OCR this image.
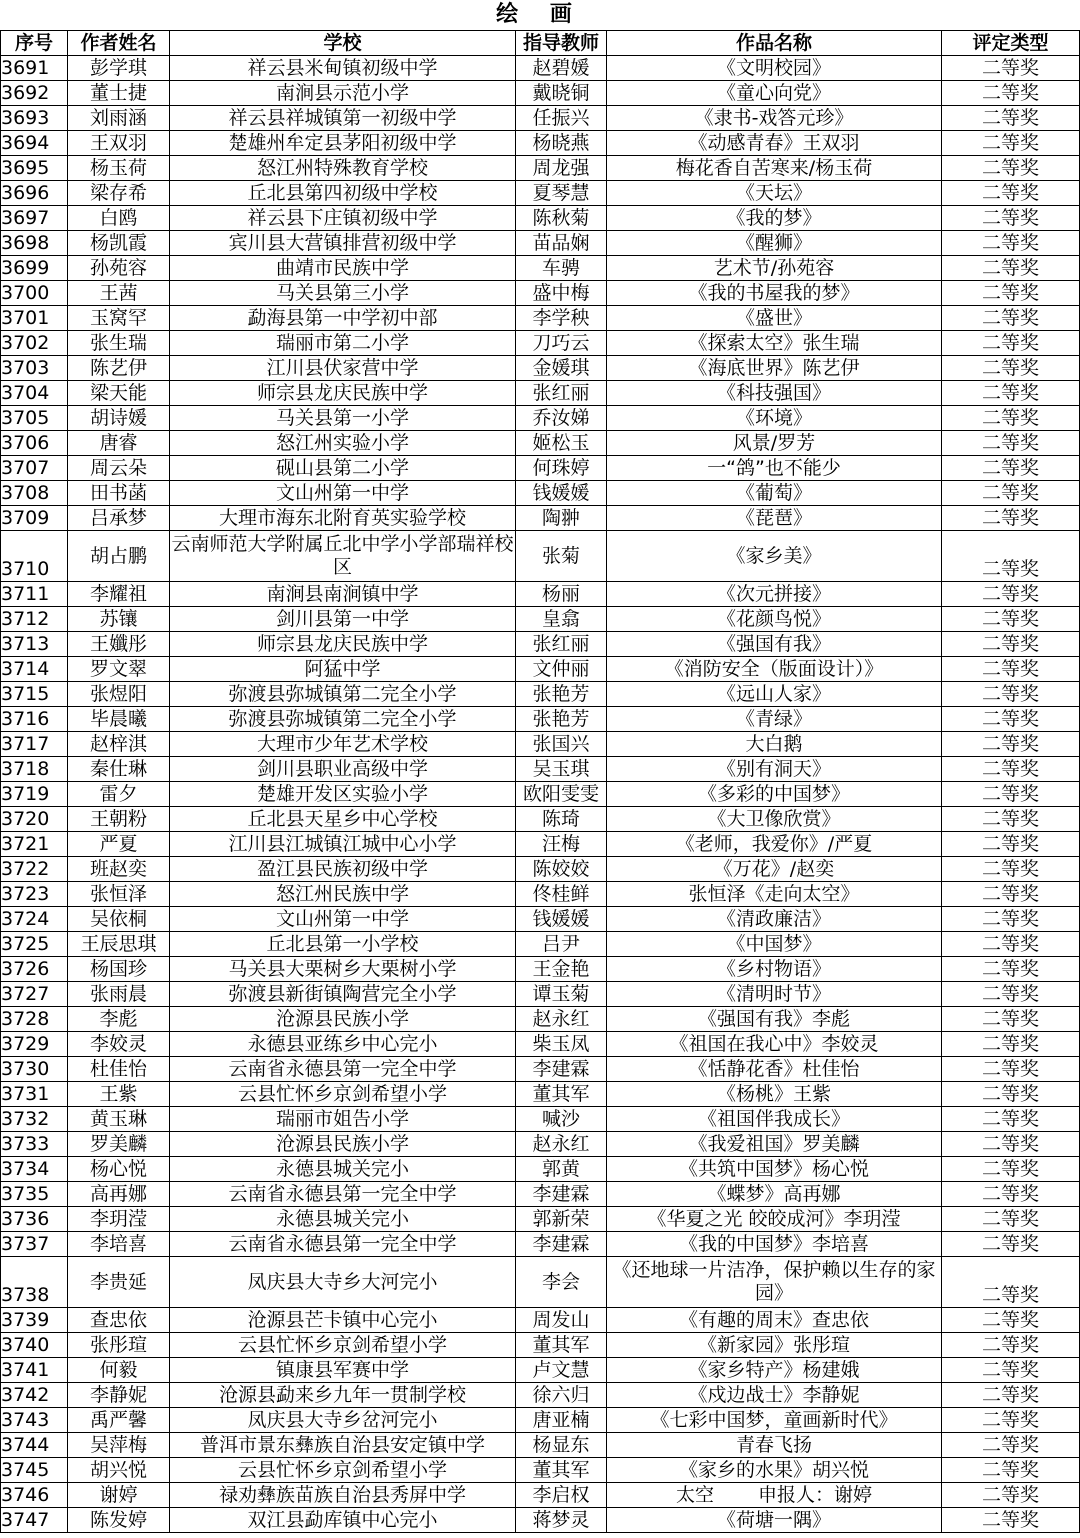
绘 画
序号	作者姓名	学校	指导教师	作品名称	评定类型
3691	彭学琪	祥云县米甸镇初级中学	赵碧媛	《文明校园》	二等奖
3692	董士捷	南涧县示范小学	戴晓铜	《童心向党》	二等奖
3693	刘雨涵	祥云县祥城镇第一初级中学	任振兴	《隶书-戏答元珍》	二等奖
3694	王双羽	楚雄州牟定县茅阳初级中学	杨晓燕	《动感青春》王双羽	二等奖
3695	杨玉荷	怒江州特殊教育学校	周龙强	梅花香自苦寒来/杨玉荷	二等奖
3696	梁存希	丘北县第四初级中学校	夏琴慧	《天坛》	二等奖
3697	白鸥	祥云县下庄镇初级中学	陈秋菊	《我的梦》	二等奖
3698	杨凯霞	宾川县大营镇排营初级中学	苗品娴	《醒狮》	二等奖
3699	孙苑容	曲靖市民族中学	车骋	艺术节/孙苑容	二等奖
3700	王茜	马关县第三小学	盛中梅	《我的书屋我的梦》	二等奖
3701	玉窝罕	勐海县第一中学初中部	李学秧	《盛世》	二等奖
3702	张生瑞	瑞丽市第二小学	刀巧云	《探索太空》张生瑞	二等奖
3703	陈艺伊	江川县伏家营中学	金媛琪	《海底世界》陈艺伊	二等奖
3704	梁天能	师宗县龙庆民族中学	张红丽	《科技强国》	二等奖
3705	胡诗媛	马关县第一小学	乔汝娣	《环境》	二等奖
3706	唐睿	怒江州实验小学	姬松玉	风景/罗芳	二等奖
3707	周云朵	砚山县第二小学	何珠婷	一“鸽”也不能少	二等奖
3708	田书菡	文山州第一中学	钱媛媛	《葡萄》	二等奖
3709	吕承梦	大理市海东北附育英实验学校	陶翀	《琵琶》	二等奖
3710	胡占鹏	云南师范大学附属丘北中学小学部瑞祥校区	张菊	《家乡美》	二等奖
3711	李耀祖	南涧县南涧镇中学	杨丽	《次元拼接》	二等奖
3712	苏镶	剑川县第一中学	皇翕	《花颜鸟悦》	二等奖
3713	王孅彤	师宗县龙庆民族中学	张红丽	《强国有我》	二等奖
3714	罗文翠	阿猛中学	文仲丽	《消防安全（版面设计）》	二等奖
3715	张煜阳	弥渡县弥城镇第二完全小学	张艳芳	《远山人家》	二等奖
3716	毕晨曦	弥渡县弥城镇第二完全小学	张艳芳	《青绿》	二等奖
3717	赵梓淇	大理市少年艺术学校	张国兴	大白鹅	二等奖
3718	秦仕琳	剑川县职业高级中学	吴玉琪	《别有洞天》	二等奖
3719	雷夕	楚雄开发区实验小学	欧阳雯雯	《多彩的中国梦》	二等奖
3720	王朝粉	丘北县天星乡中心学校	陈琦	《大卫像欣赏》	二等奖
3721	严夏	江川县江城镇江城中心小学	汪梅	《老师，我爱你》/严夏	二等奖
3722	班赵奕	盈江县民族初级中学	陈姣姣	《万花》/赵奕	二等奖
3723	张恒泽	怒江州民族中学	佟桂鲜	张恒泽《走向太空》	二等奖
3724	吴依桐	文山州第一中学	钱媛媛	《清政廉洁》	二等奖
3725	王辰思琪	丘北县第一小学校	吕尹	《中国梦》	二等奖
3726	杨国珍	马关县大栗树乡大栗树小学	王金艳	《乡村物语》	二等奖
3727	张雨晨	弥渡县新街镇陶营完全小学	谭玉菊	《清明时节》	二等奖
3728	李彪	沧源县民族小学	赵永红	《强国有我》李彪	二等奖
3729	李姣灵	永德县亚练乡中心完小	柴玉凤	《祖国在我心中》李姣灵	二等奖
3730	杜佳怡	云南省永德县第一完全中学	李建霖	《恬静花香》杜佳怡	二等奖
3731	王紫	云县忙怀乡京剑希望小学	董其军	《杨桃》王紫	二等奖
3732	黄玉琳	瑞丽市姐告小学	喊沙	《祖国伴我成长》	二等奖
3733	罗美麟	沧源县民族小学	赵永红	《我爱祖国》罗美麟	二等奖
3734	杨心悦	永德县城关完小	郭黄	《共筑中国梦》杨心悦	二等奖
3735	高再娜	云南省永德县第一完全中学	李建霖	《蝶梦》高再娜	二等奖
3736	李玥滢	永德县城关完小	郭新荣	《华夏之光 皎皎成河》李玥滢	二等奖
3737	李培喜	云南省永德县第一完全中学	李建霖	《我的中国梦》李培喜	二等奖
3738	李贵延	凤庆县大寺乡大河完小	李会	《还地球一片洁净，保护赖以生存的家园》	二等奖
3739	查忠依	沧源县芒卡镇中心完小	周发山	《有趣的周末》查忠依	二等奖
3740	张彤瑄	云县忙怀乡京剑希望小学	董其军	《新家园》张彤瑄	二等奖
3741	何毅	镇康县军赛中学	卢文慧	《家乡特产》杨建娥	二等奖
3742	李静妮	沧源县勐来乡九年一贯制学校	徐六归	《戍边战士》李静妮	二等奖
3743	禹严馨	凤庆县大寺乡岔河完小	唐亚楠	《七彩中国梦，童画新时代》	二等奖
3744	吴萍梅	普洱市景东彝族自治县安定镇中学	杨显东	青春飞扬	二等奖
3745	胡兴悦	云县忙怀乡京剑希望小学	董其军	《家乡的水果》胡兴悦	二等奖
3746	谢婷	禄劝彝族苗族自治县秀屏中学	李启权	太空　　 申报人：谢婷	二等奖
3747	陈发婷	双江县勐库镇中心完小	蒋梦灵	《荷塘一隅》	二等奖
